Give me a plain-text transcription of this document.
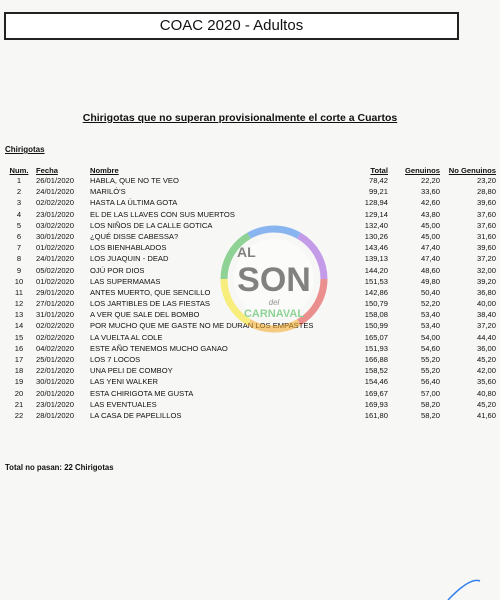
COAC 2020 - Adultos
Chirigotas que no superan provisionalmente el corte a Cuartos
Chirigotas
Num.	Fecha	Nombre	Total	Genuinos	No Genuinos
1	26/01/2020	HABLA, QUE NO TE VEO	78,42	22,20	23,20
2	24/01/2020	MARILÓ'S	99,21	33,60	28,80
3	02/02/2020	HASTA LA ÚLTIMA GOTA	128,94	42,60	39,60
4	23/01/2020	EL DE LAS LLAVES CON SUS MUERTOS	129,14	43,80	37,60
5	03/02/2020	LOS NIÑOS DE LA CALLE GOTICA	132,40	45,00	37,60
6	30/01/2020	¿QUÉ DISSE CABESSA?	130,26	45,00	31,60
7	01/02/2020	LOS BIENHABLADOS	143,46	47,40	39,60
8	24/01/2020	LOS JUAQUIN - DEAD	139,13	47,40	37,20
9	05/02/2020	OJÚ POR DIOS	144,20	48,60	32,00
10	01/02/2020	LAS SUPERMAMAS	151,53	49,80	39,20
11	29/01/2020	ANTES MUERTO, QUE SENCILLO	142,86	50,40	36,80
12	27/01/2020	LOS JARTIBLES DE LAS FIESTAS	150,79	52,20	40,00
13	31/01/2020	A VER QUE SALE DEL BOMBO	158,08	53,40	38,40
14	02/02/2020	POR MUCHO QUE ME GASTE NO ME DURAN LOS EMPASTES	150,99	53,40	37,20
15	02/02/2020	LA VUELTA AL COLE	165,07	54,00	44,40
16	04/02/2020	ESTE AÑO TENEMOS MUCHO GANAO	151,93	54,60	36,00
17	25/01/2020	LOS 7 LOCOS	166,88	55,20	45,20
18	22/01/2020	UNA PELI DE COMBOY	158,52	55,20	42,00
19	30/01/2020	LAS YENI WALKER	154,46	56,40	35,60
20	20/01/2020	ESTA CHIRIGOTA ME GUSTA	169,67	57,00	40,80
21	23/01/2020	LAS EVENTUALES	169,93	58,20	45,20
22	28/01/2020	LA CASA DE PAPELILLOS	161,80	58,20	41,60
Total no pasan: 22 Chirigotas
AL
SON
del
CARNAVAL
